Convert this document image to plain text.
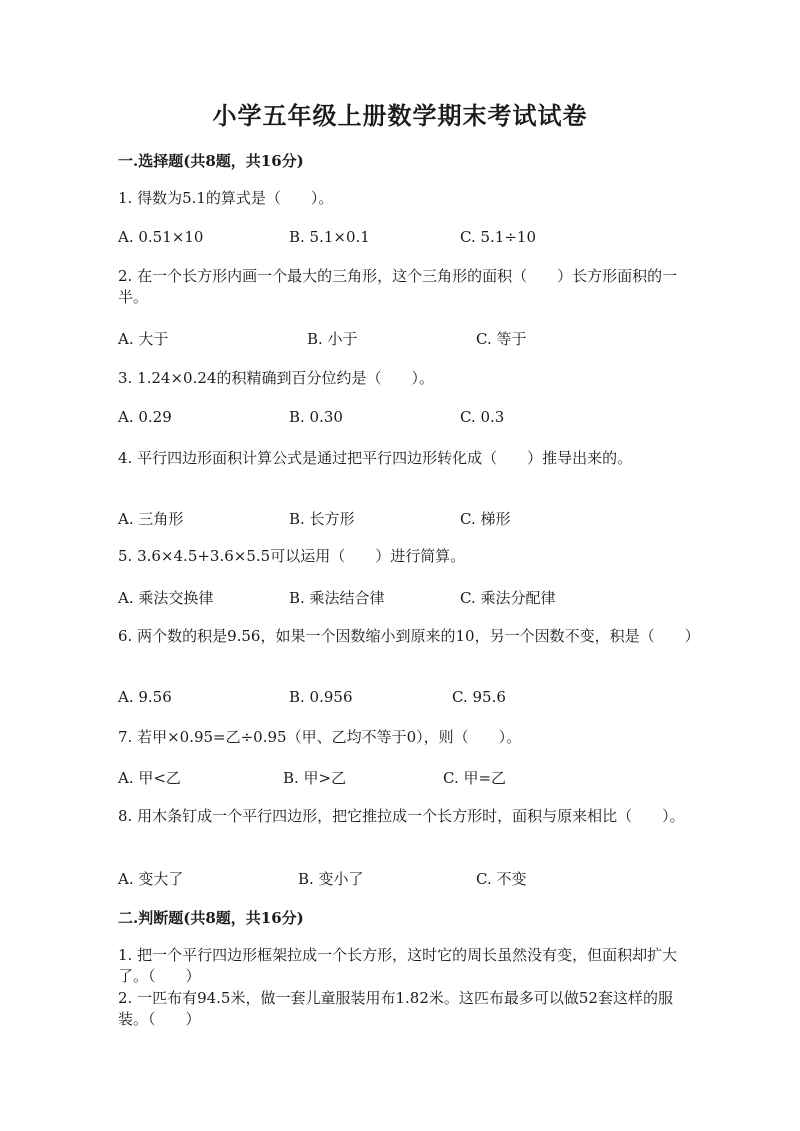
小学五年级上册数学期末考试试卷
一.选择题(共8题，共16分)
1. 得数为5.1的算式是（　　）。
A. 0.51×10	B. 5.1×0.1	C. 5.1÷10
2. 在一个长方形内画一个最大的三角形，这个三角形的面积（　　）长方形面积的一半。
A. 大于	B. 小于	C. 等于
3. 1.24×0.24的积精确到百分位约是（　　）。
A. 0.29	B. 0.30	C. 0.3
4. 平行四边形面积计算公式是通过把平行四边形转化成（　　）推导出来的。
A. 三角形	B. 长方形	C. 梯形
5. 3.6×4.5+3.6×5.5可以运用（　　）进行简算。
A. 乘法交换律	B. 乘法结合律	C. 乘法分配律
6. 两个数的积是9.56，如果一个因数缩小到原来的10，另一个因数不变，积是（　　）
A. 9.56	B. 0.956	C. 95.6
7. 若甲×0.95=乙÷0.95（甲、乙均不等于0），则（　　）。
A. 甲<乙	B. 甲>乙	C. 甲=乙
8. 用木条钉成一个平行四边形，把它推拉成一个长方形时，面积与原来相比（　　）。
A. 变大了	B. 变小了	C. 不变
二.判断题(共8题，共16分)
1. 把一个平行四边形框架拉成一个长方形，这时它的周长虽然没有变，但面积却扩大了。（　　）
2. 一匹布有94.5米，做一套儿童服装用布1.82米。这匹布最多可以做52套这样的服装。（　　）
